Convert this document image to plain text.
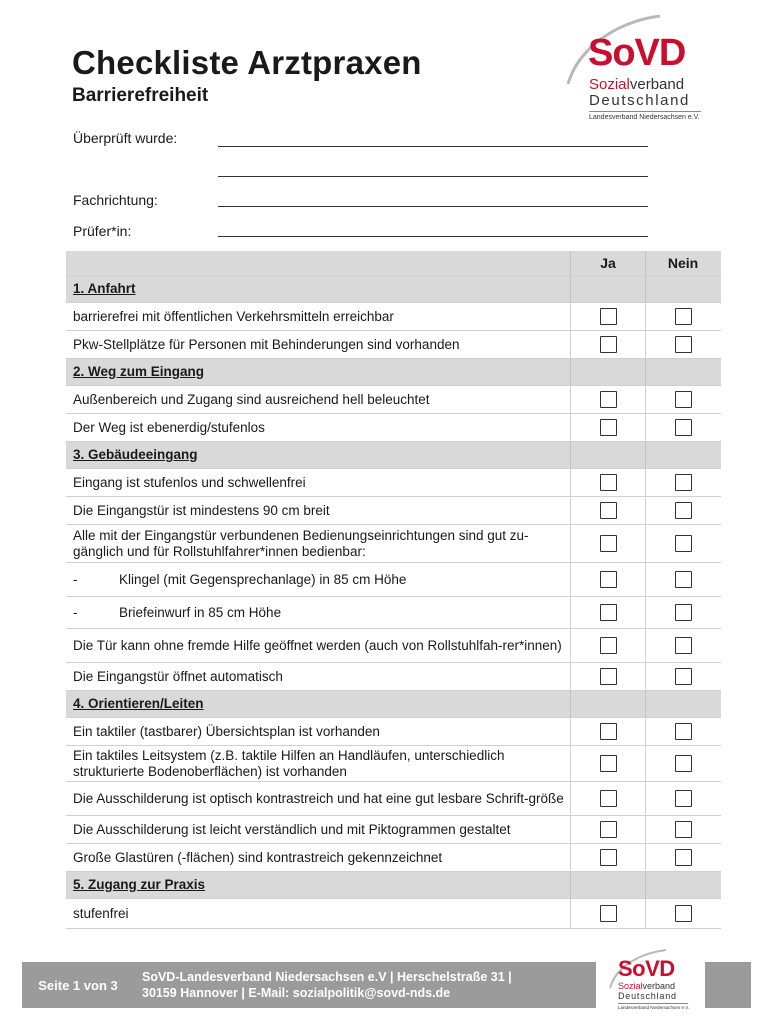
Checkliste Arztpraxen
Barrierefreiheit
SoVD
Sozialverband
Deutschland
Landesverband Niedersachsen e.V.
Überprüft wurde:
Fachrichtung:
Prüfer*in:
Ja	Nein
1. Anfahrt
barrierefrei mit öffentlichen Verkehrsmitteln erreichbar
Pkw-Stellplätze für Personen mit Behinderungen sind vorhanden
2. Weg zum Eingang
Außenbereich und Zugang sind ausreichend hell beleuchtet
Der Weg ist ebenerdig/stufenlos
3. Gebäudeeingang
Eingang ist stufenlos und schwellenfrei
Die Eingangstür ist mindestens 90 cm breit
Alle mit der Eingangstür verbundenen Bedienungseinrichtungen sind gut zu-gänglich und für Rollstuhlfahrer*innen bedienbar:
-	Klingel (mit Gegensprechanlage) in 85 cm Höhe
-	Briefeinwurf in 85 cm Höhe
Die Tür kann ohne fremde Hilfe geöffnet werden (auch von Rollstuhlfah-rer*innen)
Die Eingangstür öffnet automatisch
4. Orientieren/Leiten
Ein taktiler (tastbarer) Übersichtsplan ist vorhanden
Ein taktiles Leitsystem (z.B. taktile Hilfen an Handläufen, unterschiedlich strukturierte Bodenoberflächen) ist vorhanden
Die Ausschilderung ist optisch kontrastreich und hat eine gut lesbare Schrift-größe
Die Ausschilderung ist leicht verständlich und mit Piktogrammen gestaltet
Große Glastüren (-flächen) sind kontrastreich gekennzeichnet
5. Zugang zur Praxis
stufenfrei
Seite 1 von 3
SoVD-Landesverband Niedersachsen e.V | Herschelstraße 31 |
30159 Hannover | E-Mail: sozialpolitik@sovd-nds.de
SoVD
Sozialverband
Deutschland
Landesverband Niedersachsen e.V.
